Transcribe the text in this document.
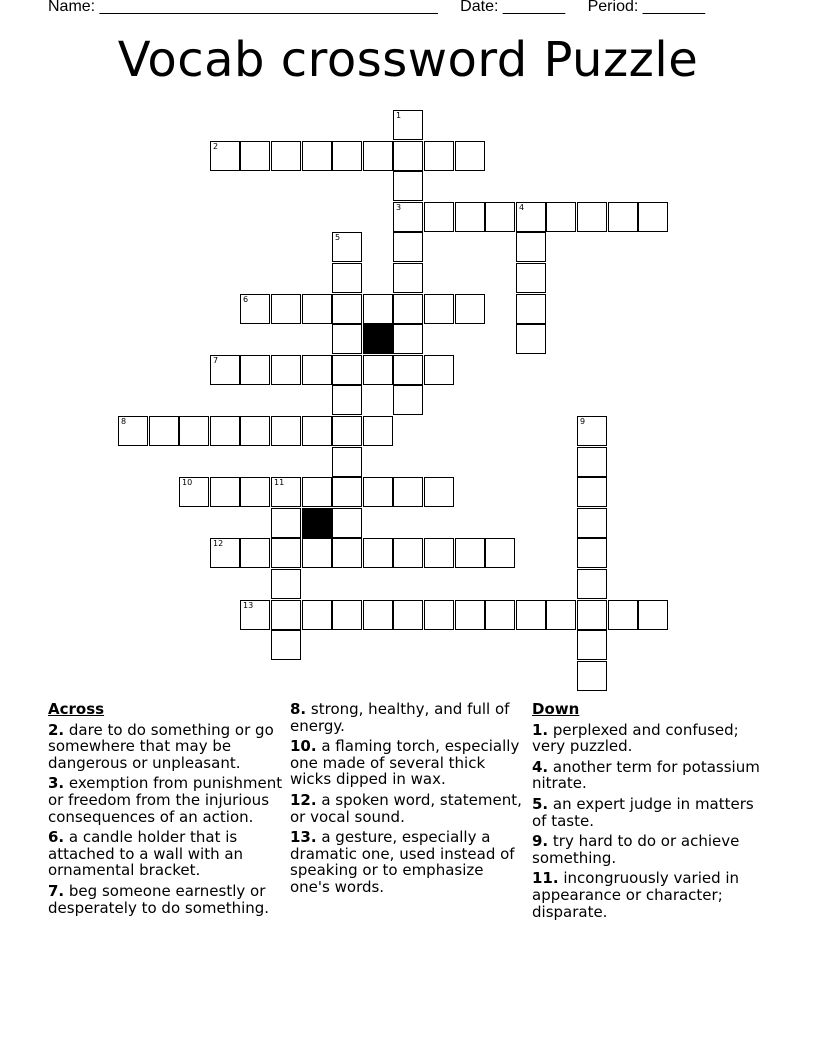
Name: ______________________________________ Date: _______ Period: _______
Vocab crossword Puzzle
2
3	4
6
7
8
10	11
12
13
1
5
9
Across
2. dare to do something or go somewhere that may be dangerous or unpleasant.
3. exemption from punishment or freedom from the injurious consequences of an action.
6. a candle holder that is attached to a wall with an ornamental bracket.
7. beg someone earnestly or desperately to do something.
8. strong, healthy, and full of energy.
10. a flaming torch, especially one made of several thick wicks dipped in wax.
12. a spoken word, statement, or vocal sound.
13. a gesture, especially a dramatic one, used instead of speaking or to emphasize one's words.
Down
1. perplexed and confused; very puzzled.
4. another term for potassium nitrate.
5. an expert judge in matters of taste.
9. try hard to do or achieve something.
11. incongruously varied in appearance or character; disparate.
